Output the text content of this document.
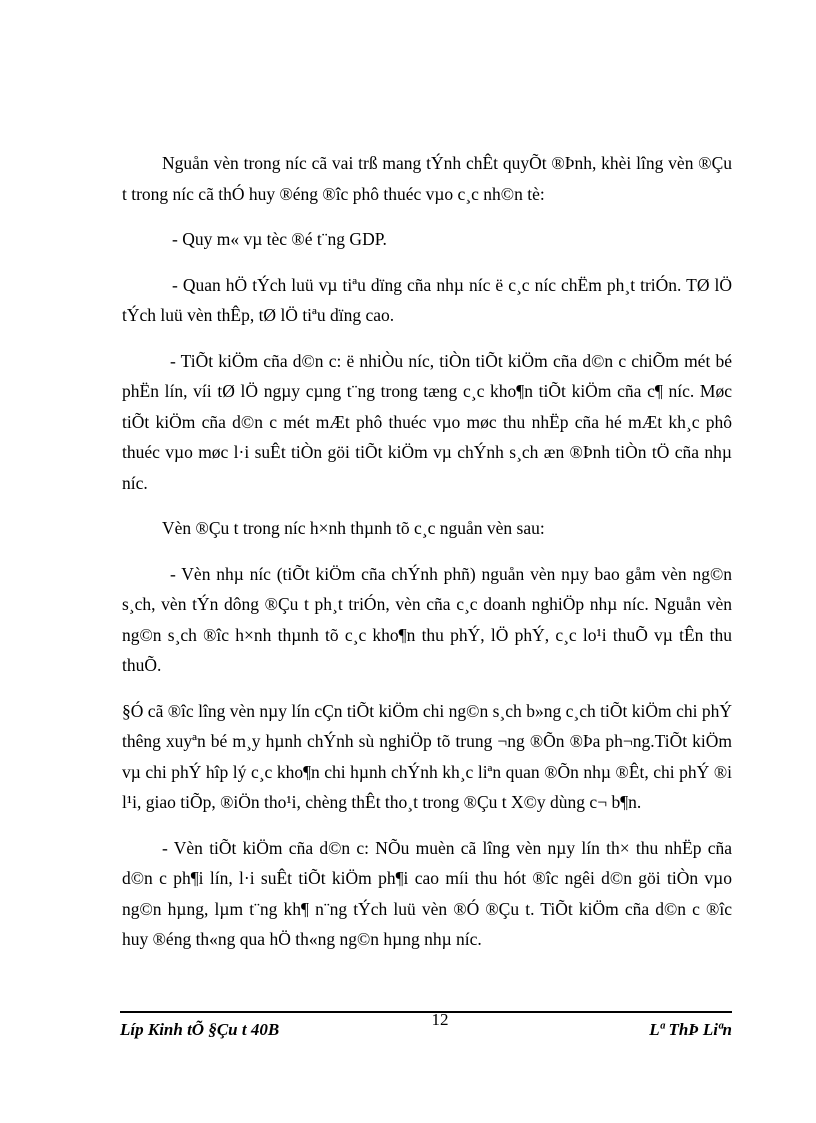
Nguån vèn trong níc cã vai trß mang tÝnh chÊt quyÕt ®Þnh, khèi lîng vèn ®Çu t trong níc cã thÓ huy ®éng ®îc phô thuéc vµo c¸c nh©n tè:

- Quy m« vµ tèc ®é t¨ng GDP.

- Quan hÖ tÝch luü vµ tiªu dïng cña nhµ níc ë c¸c níc chËm ph¸t triÓn. TØ lÖ tÝch luü vèn thÊp, tØ lÖ tiªu dïng cao.

- TiÕt kiÖm cña d©n c: ë nhiÒu níc, tiÒn tiÕt kiÖm cña d©n c chiÕm mét bé phËn lín, víi tØ lÖ ngµy cµng t¨ng trong tæng c¸c kho¶n tiÕt kiÖm cña c¶ níc. Møc tiÕt kiÖm cña d©n c mét mÆt phô thuéc vµo møc thu nhËp cña hé mÆt kh¸c phô thuéc vµo møc l·i suÊt tiÒn göi tiÕt kiÖm vµ chÝnh s¸ch æn ®Þnh tiÒn tÖ cña nhµ níc.

Vèn ®Çu t trong níc h×nh thµnh tõ c¸c nguån vèn sau:

- Vèn nhµ níc (tiÕt kiÖm cña chÝnh phñ) nguån vèn nµy bao gåm vèn ng©n s¸ch, vèn tÝn dông ®Çu t ph¸t triÓn, vèn cña c¸c doanh nghiÖp nhµ níc. Nguån vèn ng©n s¸ch ®îc h×nh thµnh tõ c¸c kho¶n thu phÝ, lÖ phÝ, c¸c lo¹i thuÕ vµ tÊn thu thuÕ.

§Ó cã ®îc lîng vèn nµy lín cÇn tiÕt kiÖm chi ng©n s¸ch b»ng c¸ch tiÕt kiÖm chi phÝ thêng xuyªn bé m¸y hµnh chÝnh sù nghiÖp tõ trung ¬ng ®Õn ®Þa ph¬ng.TiÕt kiÖm vµ chi phÝ hîp lý c¸c kho¶n chi hµnh chÝnh kh¸c liªn quan ®Õn nhµ ®Êt, chi phÝ ®i l¹i, giao tiÕp, ®iÖn tho¹i, chèng thÊt tho¸t trong ®Çu t X©y dùng c¬ b¶n.

- Vèn tiÕt kiÖm cña d©n c: NÕu muèn cã lîng vèn nµy lín th× thu nhËp cña d©n c ph¶i lín, l·i suÊt tiÕt kiÖm ph¶i cao míi thu hót ®îc ngêi d©n göi tiÒn vµo ng©n hµng, lµm t¨ng kh¶ n¨ng tÝch luü vèn ®Ó ®Çu t. TiÕt kiÖm cña d©n c ®îc huy ®éng th«ng qua hÖ th«ng ng©n hµng nhµ níc.

Líp Kinh tÕ §Çu t 40B
12
Lª ThÞ Liªn
